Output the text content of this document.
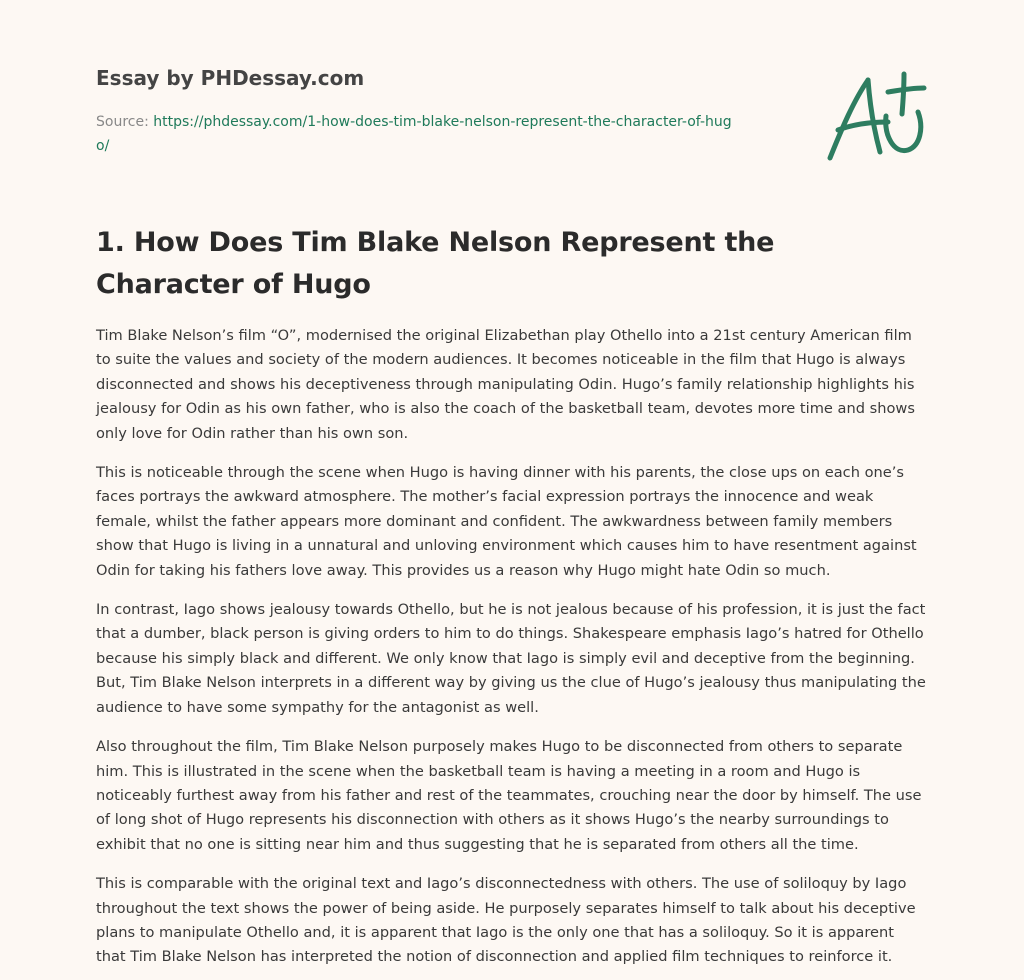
Essay by PHDessay.com
Source: https://phdessay.com/1-how-does-tim-blake-nelson-represent-the-character-of-hugo/
1. How Does Tim Blake Nelson Represent the Character of Hugo

Tim Blake Nelson’s film “O”, modernised the original Elizabethan play Othello into a 21st century American film to suite the values and society of the modern audiences. It becomes noticeable in the film that Hugo is always disconnected and shows his deceptiveness through manipulating Odin. Hugo’s family relationship highlights his jealousy for Odin as his own father, who is also the coach of the basketball team, devotes more time and shows only love for Odin rather than his own son.

This is noticeable through the scene when Hugo is having dinner with his parents, the close ups on each one’s faces portrays the awkward atmosphere. The mother’s facial expression portrays the innocence and weak female, whilst the father appears more dominant and confident. The awkwardness between family members show that Hugo is living in a unnatural and unloving environment which causes him to have resentment against Odin for taking his fathers love away. This provides us a reason why Hugo might hate Odin so much.

In contrast, Iago shows jealousy towards Othello, but he is not jealous because of his profession, it is just the fact that a dumber, black person is giving orders to him to do things. Shakespeare emphasis Iago’s hatred for Othello because his simply black and different. We only know that Iago is simply evil and deceptive from the beginning. But, Tim Blake Nelson interprets in a different way by giving us the clue of Hugo’s jealousy thus manipulating the audience to have some sympathy for the antagonist as well.

Also throughout the film, Tim Blake Nelson purposely makes Hugo to be disconnected from others to separate him. This is illustrated in the scene when the basketball team is having a meeting in a room and Hugo is noticeably furthest away from his father and rest of the teammates, crouching near the door by himself. The use of long shot of Hugo represents his disconnection with others as it shows Hugo’s the nearby surroundings to exhibit that no one is sitting near him and thus suggesting that he is separated from others all the time.

This is comparable with the original text and Iago’s disconnectedness with others. The use of soliloquy by Iago throughout the text shows the power of being aside. He purposely separates himself to talk about his deceptive plans to manipulate Othello and, it is apparent that Iago is the only one that has a soliloquy. So it is apparent that Tim Blake Nelson has interpreted the notion of disconnection and applied film techniques to reinforce it.
